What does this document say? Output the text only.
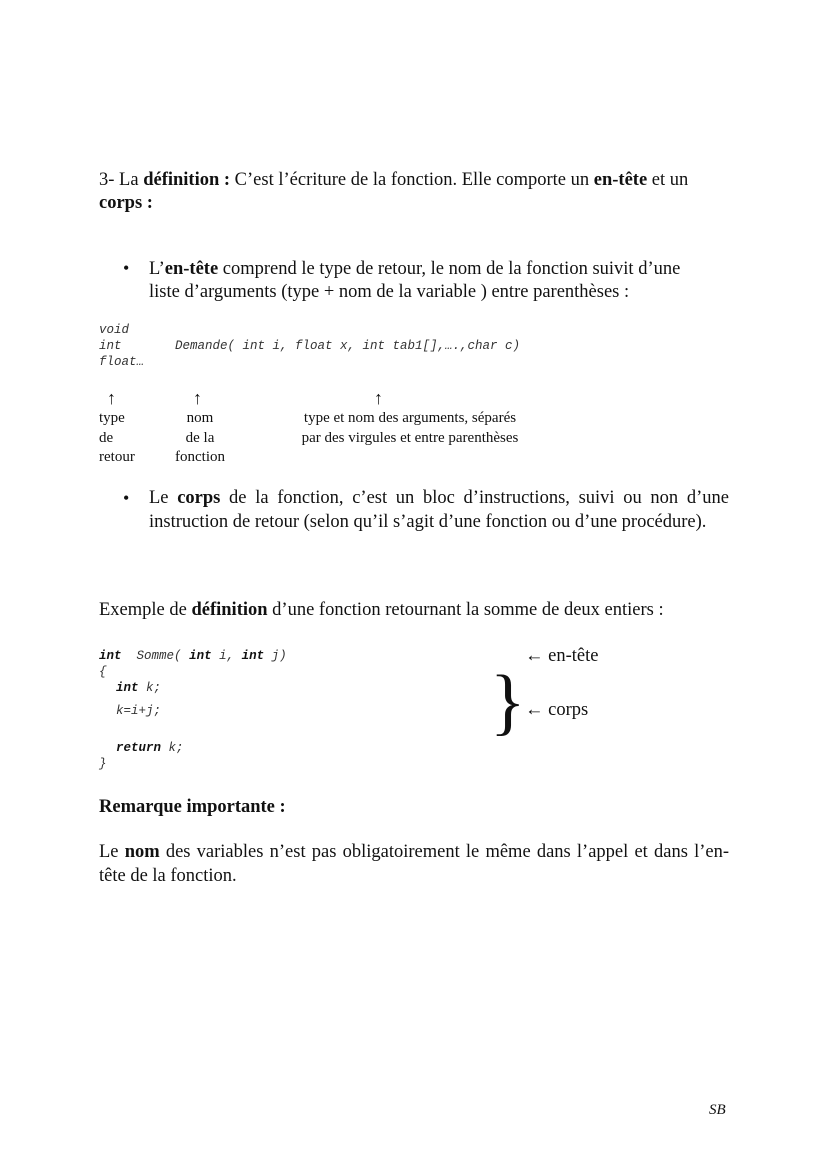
3- La définition : C’est l’écriture de la fonction. Elle comporte un en-tête et un
corps :
• L’en-tête comprend le type de retour, le nom de la fonction suivit d’une
liste d’arguments (type + nom de la variable ) entre parenthèses :
void
int
float…
Demande( int i, float x, int tab1[],….,char c)
↑	↑	↑
type
de
retour
nom
de la
fonction
type et nom des arguments, séparés
par des virgules et entre parenthèses
• Le corps de la fonction, c’est un bloc d’instructions, suivi ou non d’une instruction de retour (selon qu’il s’agit d’une fonction ou d’une procédure).
Exemple de définition d’une fonction retournant la somme de deux entiers :
int Somme( int i, int j)
{
int k;
k=i+j;
return k;
}
← en-tête
} ← corps
Remarque importante :
Le nom des variables n’est pas obligatoirement le même dans l’appel et dans l’en-tête de la fonction.
SB
